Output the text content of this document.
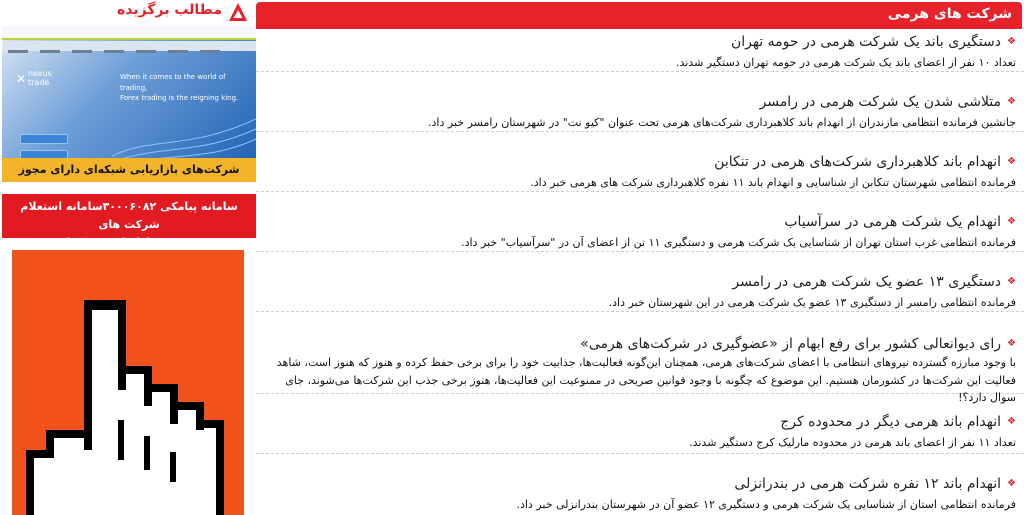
شرکت های هرمی
❖
دستگیری باند یک شرکت هرمی در حومه تهران
تعداد ۱۰ نفر از اعضای باند یک شرکت هرمی در حومه تهران دستگیر شدند.
❖
متلاشی شدن یک شرکت هرمی در رامسر
جانشین فرمانده انتظامی مازندران از انهدام باند کلاهبرداری شرکت‌های هرمی تحت عنوان "کیو نت" در شهرستان رامسر خبر داد.
❖
انهدام باند کلاهبرداری شرکت‌های هرمی در تنکابن
فرمانده انتظامی شهرستان تنکابن از شناسایی و انهدام باند ۱۱ نفره کلاهبرداری شرکت های هرمی خبر داد.
❖
انهدام یک شرکت هرمی در سرآسیاب
فرمانده انتظامی غرب استان تهران از شناسایی یک شرکت هرمی و دستگیری ۱۱ تن از اعضای آن در "سرآسیاب" خبر داد.
❖
دستگیری ۱۳ عضو یک شرکت هرمی در رامسر
فرمانده انتظامی رامسر از دستگیری ۱۳ عضو یک شرکت هرمی در این شهرستان خبر داد.
❖
رای دیوانعالی کشور برای رفع ابهام از «عضوگیری در شرکت‌های هرمی»
با وجود مبارزه گسترده نیروهای انتظامی با اعضای شرکت‌های هرمی، همچنان این‌گونه فعالیت‌ها، جذابیت خود را برای برخی حفظ کرده و هنوز که هنوز است، شاهد فعالیت این شرکت‌ها در کشورمان هستیم. این موضوع که چگونه با وجود قوانین صریحی در ممنوعیت این فعالیت‌ها، هنوز برخی جذب این شرکت‌ها می‌شوند، جای سوال دارد؟!
❖
انهدام باند هرمی دیگر در محدوده کرج
تعداد ۱۱ نفر از اعضای باند هرمی در محدوده مارلیک کرج دستگیر شدند.
❖
انهدام باند ۱۲ نفره شرکت هرمی در بندرانزلی
فرمانده انتظامی استان از شناسایی یک شرکت هرمی و دستگیری ۱۲ عضو آن در شهرستان بندرانزلی خبر داد.
مطالب برگزیده
✕ nexus
trade
When it comes to the world of trading,
Forex trading is the reigning king.
شرکت‌های بازاریابی شبکه‌ای دارای مجوز
سامانه پیامکی ۳۰۰۰۶۰۸۲سامانه استعلام شرکت های
هرمی و بازاریابی شبکه ای
